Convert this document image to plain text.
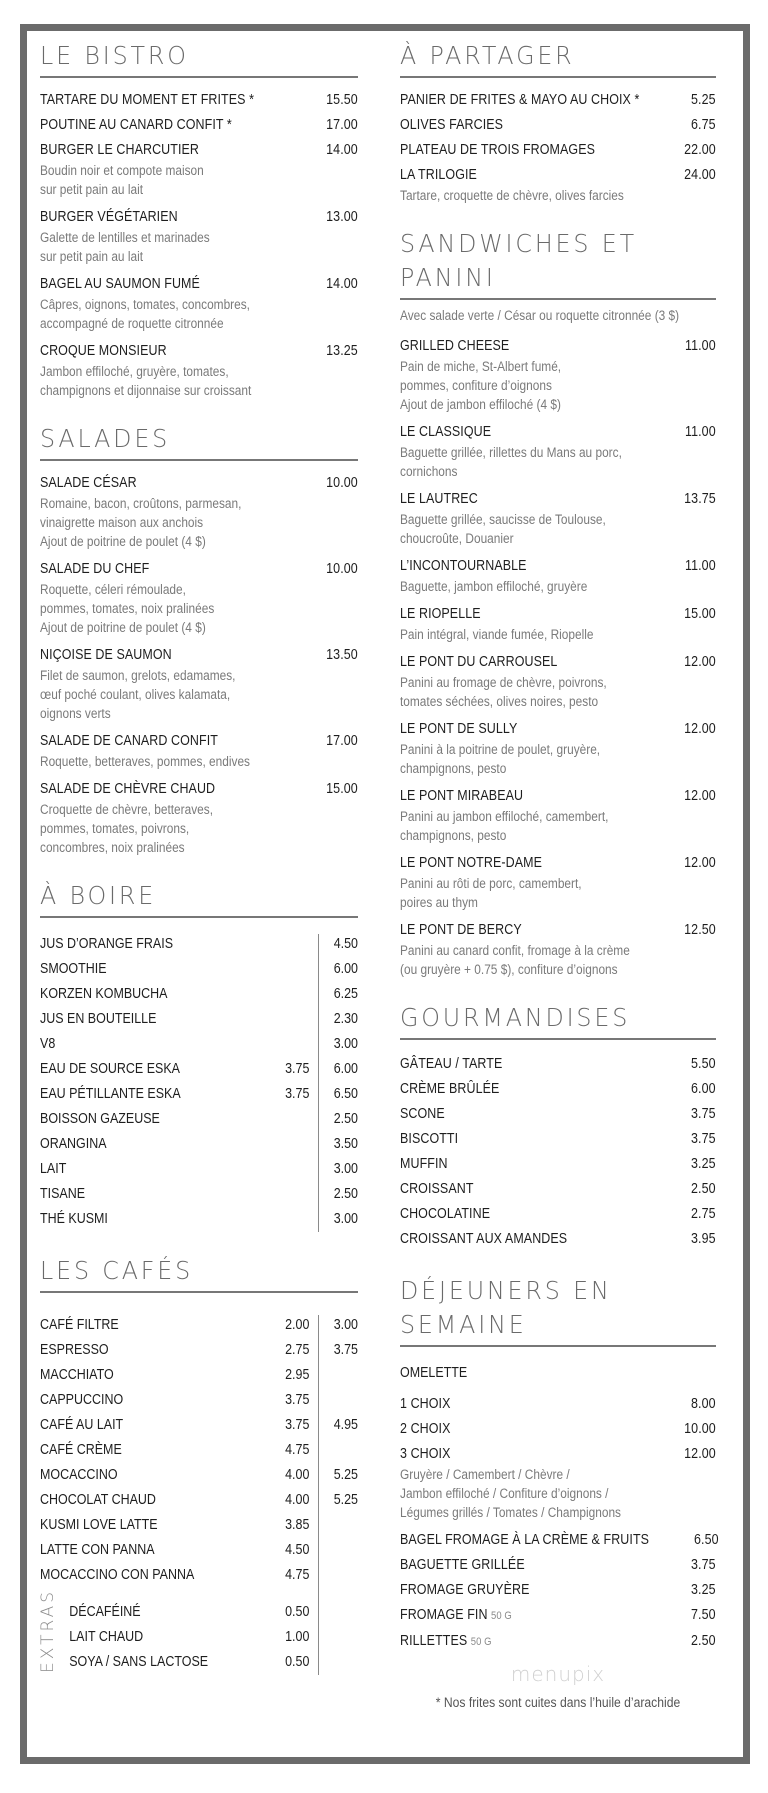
LE BISTRO
TARTARE DU MOMENT ET FRITES *	15.50
POUTINE AU CANARD CONFIT *	17.00
BURGER LE CHARCUTIER	14.00
Boudin noir et compote maison
sur petit pain au lait
BURGER VÉGÉTARIEN	13.00
Galette de lentilles et marinades
sur petit pain au lait
BAGEL AU SAUMON FUMÉ	14.00
Câpres, oignons, tomates, concombres,
accompagné de roquette citronnée
CROQUE MONSIEUR	13.25
Jambon effiloché, gruyère, tomates,
champignons et dijonnaise sur croissant
SALADES
SALADE CÉSAR	10.00
Romaine, bacon, croûtons, parmesan,
vinaigrette maison aux anchois
Ajout de poitrine de poulet (4 $)
SALADE DU CHEF	10.00
Roquette, céleri rémoulade,
pommes, tomates, noix pralinées
Ajout de poitrine de poulet (4 $)
NIÇOISE DE SAUMON	13.50
Filet de saumon, grelots, edamames,
œuf poché coulant, olives kalamata,
oignons verts
SALADE DE CANARD CONFIT	17.00
Roquette, betteraves, pommes, endives
SALADE DE CHÈVRE CHAUD	15.00
Croquette de chèvre, betteraves,
pommes, tomates, poivrons,
concombres, noix pralinées
À BOIRE
JUS D’ORANGE FRAIS	4.50
SMOOTHIE	6.00
KORZEN KOMBUCHA	6.25
JUS EN BOUTEILLE	2.30
V8	3.00
EAU DE SOURCE ESKA	3.75	6.00
EAU PÉTILLANTE ESKA	3.75	6.50
BOISSON GAZEUSE	2.50
ORANGINA	3.50
LAIT	3.00
TISANE	2.50
THÉ KUSMI	3.00
LES CAFÉS
CAFÉ FILTRE	2.00	3.00
ESPRESSO	2.75	3.75
MACCHIATO	2.95
CAPPUCCINO	3.75
CAFÉ AU LAIT	3.75	4.95
CAFÉ CRÈME	4.75
MOCACCINO	4.00	5.25
CHOCOLAT CHAUD	4.00	5.25
KUSMI LOVE LATTE	3.85
LATTE CON PANNA	4.50
MOCACCINO CON PANNA	4.75
EXTRAS DÉCAFÉINÉ	0.50
LAIT CHAUD	1.00
SOYA / SANS LACTOSE	0.50
À PARTAGER
PANIER DE FRITES & MAYO AU CHOIX *	5.25
OLIVES FARCIES	6.75
PLATEAU DE TROIS FROMAGES	22.00
LA TRILOGIE	24.00
Tartare, croquette de chèvre, olives farcies
SANDWICHES ET PANINI
Avec salade verte / César ou roquette citronnée (3 $)
GRILLED CHEESE	11.00
Pain de miche, St-Albert fumé,
pommes, confiture d’oignons
Ajout de jambon effiloché (4 $)
LE CLASSIQUE	11.00
Baguette grillée, rillettes du Mans au porc,
cornichons
LE LAUTREC	13.75
Baguette grillée, saucisse de Toulouse,
choucroûte, Douanier
L’INCONTOURNABLE	11.00
Baguette, jambon effiloché, gruyère
LE RIOPELLE	15.00
Pain intégral, viande fumée, Riopelle
LE PONT DU CARROUSEL	12.00
Panini au fromage de chèvre, poivrons,
tomates séchées, olives noires, pesto
LE PONT DE SULLY	12.00
Panini à la poitrine de poulet, gruyère,
champignons, pesto
LE PONT MIRABEAU	12.00
Panini au jambon effiloché, camembert,
champignons, pesto
LE PONT NOTRE-DAME	12.00
Panini au rôti de porc, camembert,
poires au thym
LE PONT DE BERCY	12.50
Panini au canard confit, fromage à la crème
(ou gruyère + 0.75 $), confiture d’oignons
GOURMANDISES
GÂTEAU / TARTE	5.50
CRÈME BRÛLÉE	6.00
SCONE	3.75
BISCOTTI	3.75
MUFFIN	3.25
CROISSANT	2.50
CHOCOLATINE	2.75
CROISSANT AUX AMANDES	3.95
DÉJEUNERS EN SEMAINE
OMELETTE
1 CHOIX	8.00
2 CHOIX	10.00
3 CHOIX	12.00
Gruyère / Camembert / Chèvre /
Jambon effiloché / Confiture d’oignons /
Légumes grillés / Tomates / Champignons
BAGEL FROMAGE À LA CRÈME & FRUITS	6.50
BAGUETTE GRILLÉE	3.75
FROMAGE GRUYÈRE	3.25
FROMAGE FIN 50 G	7.50
RILLETTES 50 G	2.50
menupix
* Nos frites sont cuites dans l’huile d’arachide
